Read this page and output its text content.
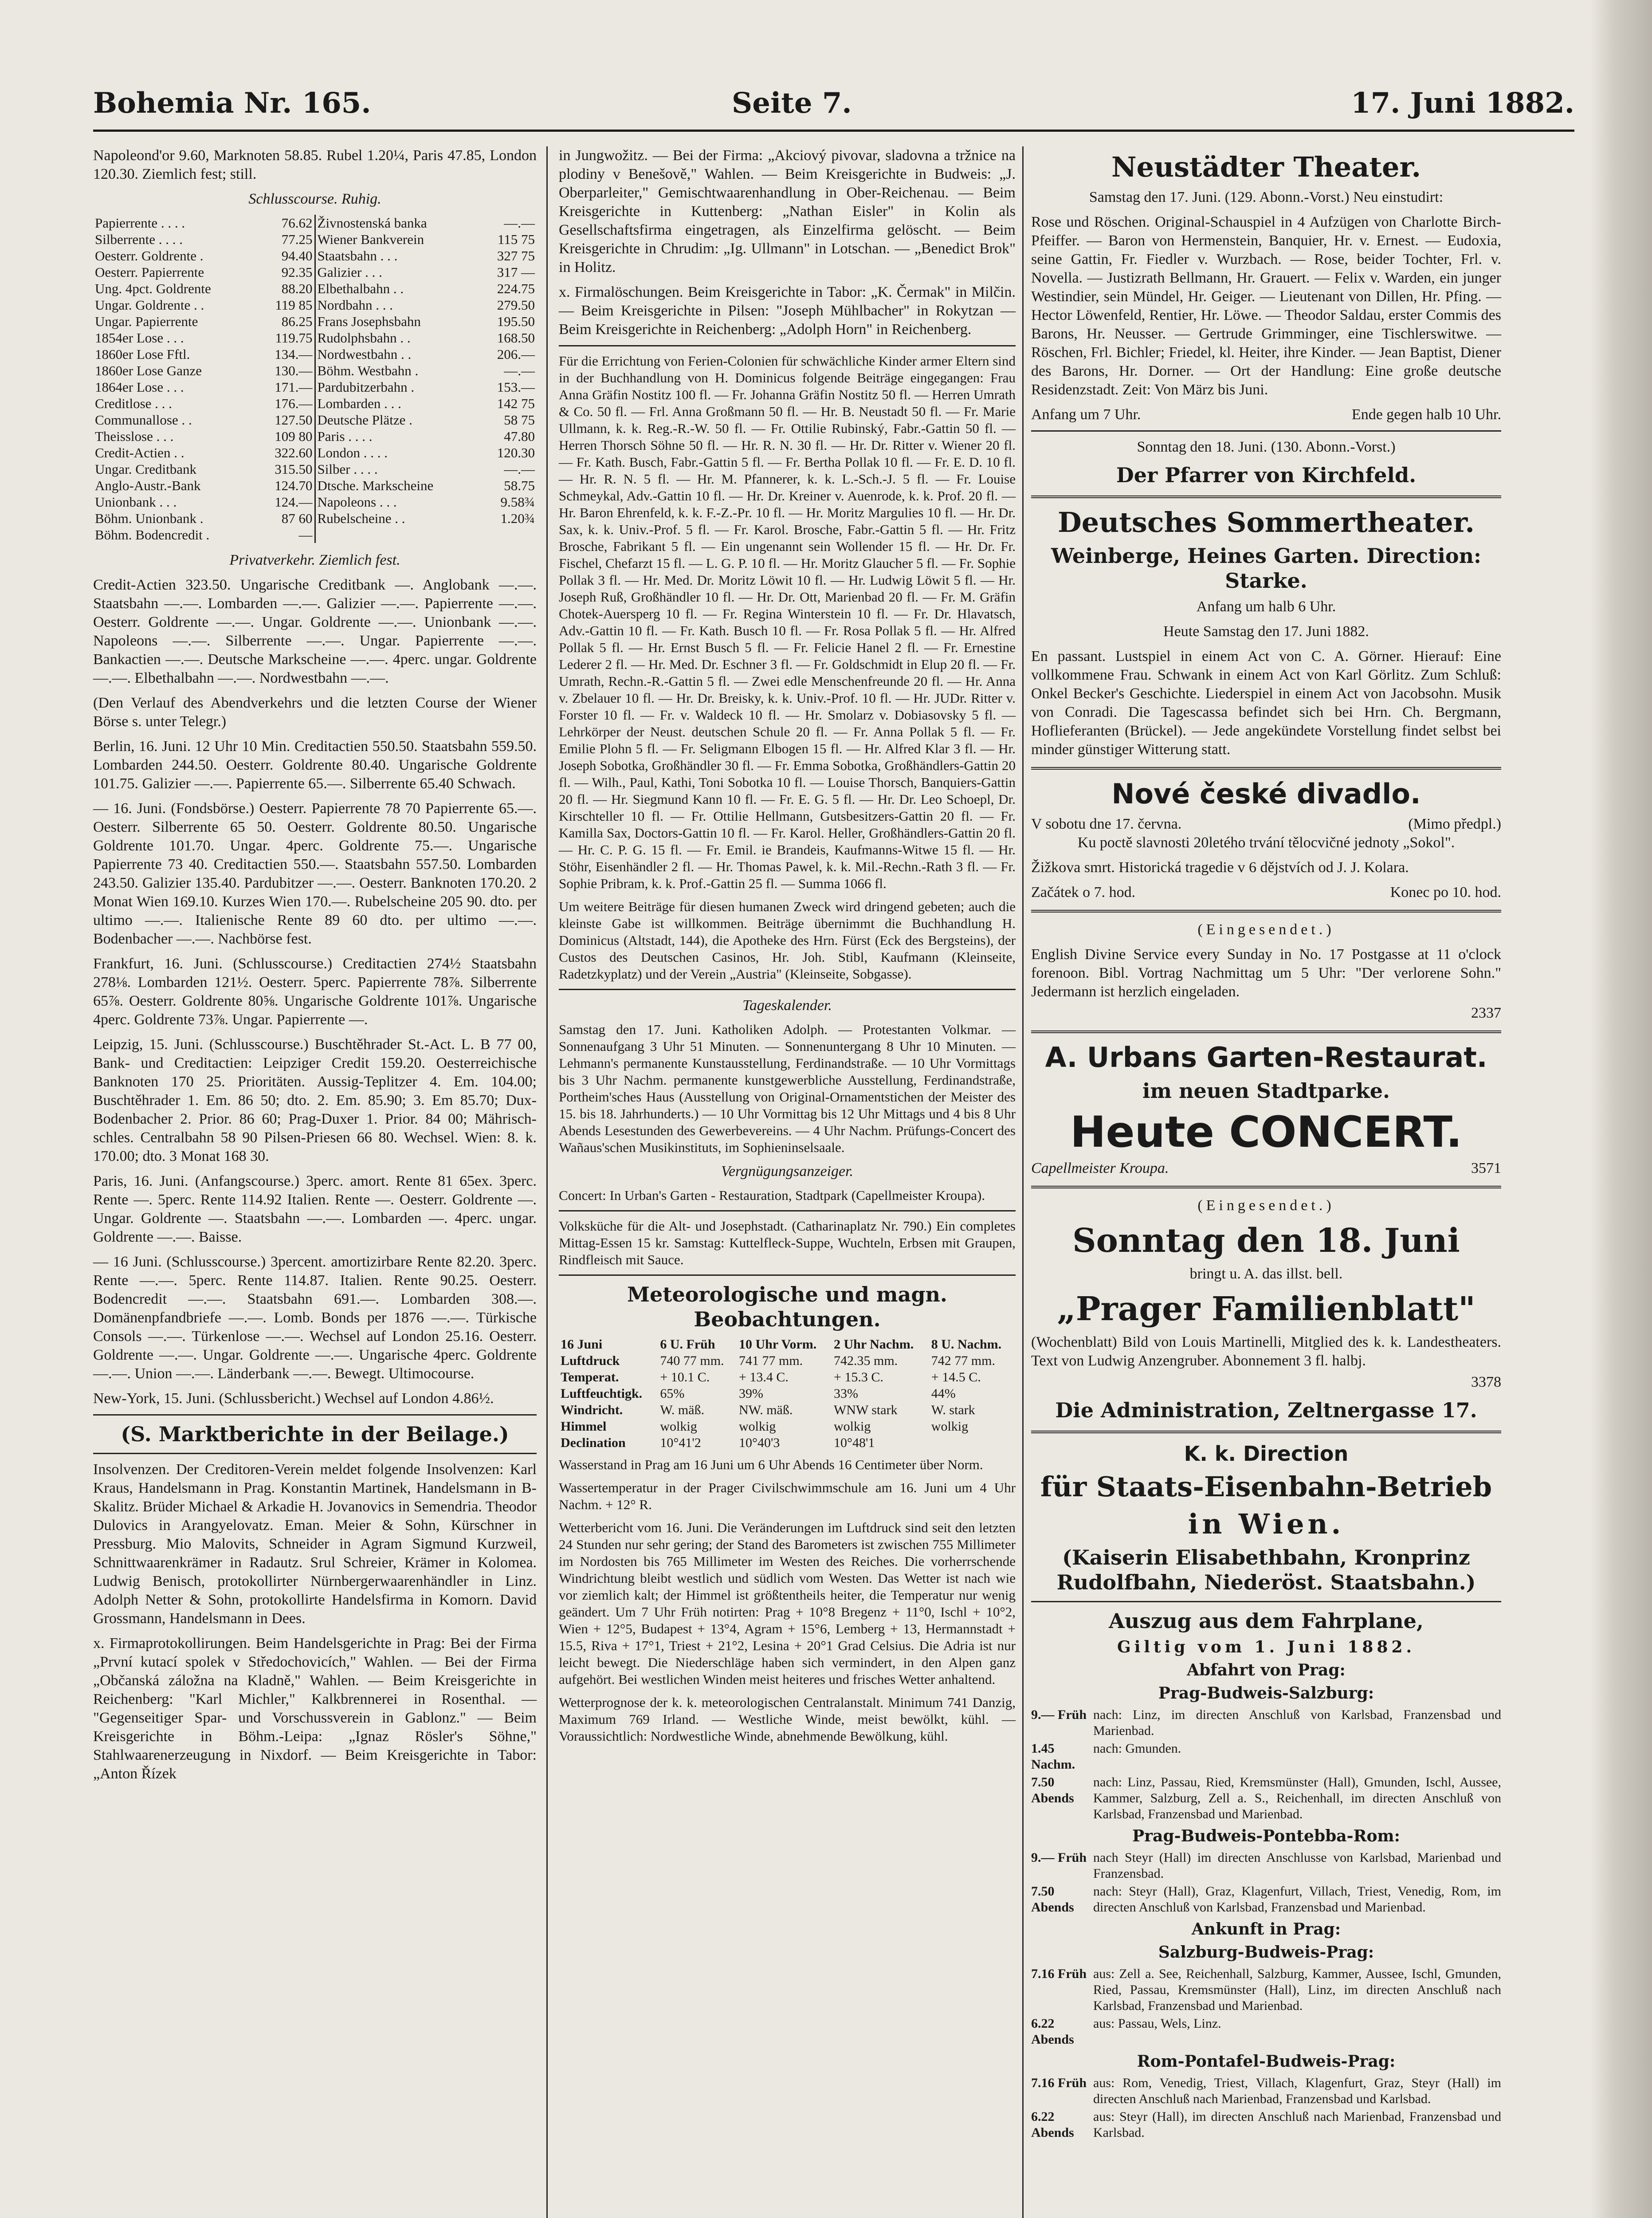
Bohemia Nr. 165.	Seite 7.	17. Juni 1882.

Napoleond'or 9.60, Marknoten 58.85. Rubel 1.20¼, Paris 47.85, London 120.30. Ziemlich fest; still.

Schlusscourse. Ruhig.

Papierrente . . . .	76.62	Živnostenská banka	—.—
Silberrente . . . .	77.25	Wiener Bankverein	115 75
Oesterr. Goldrente .	94.40	Staatsbahn . . .	327 75
Oesterr. Papierrente	92.35	Galizier . . .	317 —
Ung. 4pct. Goldrente	88.20	Elbethalbahn . .	224.75
Ungar. Goldrente . .	119 85	Nordbahn . . .	279.50
Ungar. Papierrente	86.25	Frans Josephsbahn	195.50
1854er Lose . . .	119.75	Rudolphsbahn . .	168.50
1860er Lose Fftl.	134.—	Nordwestbahn . .	206.—
1860er Lose Ganze	130.—	Böhm. Westbahn .	—.—
1864er Lose . . .	171.—	Pardubitzerbahn .	153.—
Creditlose . . .	176.—	Lombarden . . .	142 75
Communallose . .	127.50	Deutsche Plätze .	58 75
Theisslose . . .	109 80	Paris . . . .	47.80
Credit-Actien . .	322.60	London . . . .	120.30
Ungar. Creditbank	315.50	Silber . . . .	—.—
Anglo-Austr.-Bank	124.70	Dtsche. Markscheine	58.75
Unionbank . . .	124.—	Napoleons . . .	9.58¾
Böhm. Unionbank .	87 60	Rubelscheine . .	1.20¾
Böhm. Bodencredit .	—		

Privatverkehr. Ziemlich fest.

Credit-Actien 323.50. Ungarische Creditbank —. Anglobank —.—. Staatsbahn —.—. Lombarden —.—. Galizier —.—. Papierrente —.—. Oesterr. Goldrente —.—. Ungar. Goldrente —.—. Unionbank —.—. Napoleons —.—. Silberrente —.—. Ungar. Papierrente —.—. Bankactien —.—. Deutsche Markscheine —.—. 4perc. ungar. Goldrente —.—. Elbethalbahn —.—. Nordwestbahn —.—.

(Den Verlauf des Abendverkehrs und die letzten Course der Wiener Börse s. unter Telegr.)

Berlin, 16. Juni. 12 Uhr 10 Min. Creditactien 550.50. Staatsbahn 559.50. Lombarden 244.50. Oesterr. Goldrente 80.40. Ungarische Goldrente 101.75. Galizier —.—. Papierrente 65.—. Silberrente 65.40 Schwach.

— 16. Juni. (Fondsbörse.) Oesterr. Papierrente 78 70 Papierrente 65.—. Oesterr. Silberrente 65 50. Oesterr. Goldrente 80.50. Ungarische Goldrente 101.70. Ungar. 4perc. Goldrente 75.—. Ungarische Papierrente 73 40. Creditactien 550.—. Staatsbahn 557.50. Lombarden 243.50. Galizier 135.40. Pardubitzer —.—. Oesterr. Banknoten 170.20. 2 Monat Wien 169.10. Kurzes Wien 170.—. Rubelscheine 205 90. dto. per ultimo —.—. Italienische Rente 89 60 dto. per ultimo —.—. Bodenbacher —.—. Nachbörse fest.

Frankfurt, 16. Juni. (Schlusscourse.) Creditactien 274½ Staatsbahn 278⅛. Lombarden 121½. Oesterr. 5perc. Papierrente 78⅞. Silberrente 65⅞. Oesterr. Goldrente 80⅝. Ungarische Goldrente 101⅞. Ungarische 4perc. Goldrente 73⅞. Ungar. Papierrente —.

Leipzig, 15. Juni. (Schlusscourse.) Buschtěhrader St.-Act. L. B 77 00, Bank- und Creditactien: Leipziger Credit 159.20. Oesterreichische Banknoten 170 25. Prioritäten. Aussig-Teplitzer 4. Em. 104.00; Buschtěhrader 1. Em. 86 50; dto. 2. Em. 85.90; 3. Em 85.70; Dux-Bodenbacher 2. Prior. 86 60; Prag-Duxer 1. Prior. 84 00; Mährisch-schles. Centralbahn 58 90 Pilsen-Priesen 66 80. Wechsel. Wien: 8. k. 170.00; dto. 3 Monat 168 30.

Paris, 16. Juni. (Anfangscourse.) 3perc. amort. Rente 81 65ex. 3perc. Rente —. 5perc. Rente 114.92 Italien. Rente —. Oesterr. Goldrente —. Ungar. Goldrente —. Staatsbahn —.—. Lombarden —. 4perc. ungar. Goldrente —.—. Baisse.

— 16 Juni. (Schlusscourse.) 3percent. amortizirbare Rente 82.20. 3perc. Rente —.—. 5perc. Rente 114.87. Italien. Rente 90.25. Oesterr. Bodencredit —.—. Staatsbahn 691.—. Lombarden 308.—. Domänenpfandbriefe —.—. Lomb. Bonds per 1876 —.—. Türkische Consols —.—. Türkenlose —.—. Wechsel auf London 25.16. Oesterr. Goldrente —.—. Ungar. Goldrente —.—. Ungarische 4perc. Goldrente —.—. Union —.—. Länderbank —.—. Bewegt. Ultimocourse.

New-York, 15. Juni. (Schlussbericht.) Wechsel auf London 4.86½.

(S. Marktberichte in der Beilage.)

Insolvenzen. Der Creditoren-Verein meldet folgende Insolvenzen: Karl Kraus, Handelsmann in Prag. Konstantin Martinek, Handelsmann in B-Skalitz. Brüder Michael & Arkadie H. Jovanovics in Semendria. Theodor Dulovics in Arangyelovatz. Eman. Meier & Sohn, Kürschner in Pressburg. Mio Malovits, Schneider in Agram Sigmund Kurzweil, Schnittwaarenkrämer in Radautz. Srul Schreier, Krämer in Kolomea. Ludwig Benisch, protokollirter Nürnbergerwaarenhändler in Linz. Adolph Netter & Sohn, protokollirte Handelsfirma in Komorn. David Grossmann, Handelsmann in Dees.

x. Firmaprotokollirungen. Beim Handelsgerichte in Prag: Bei der Firma „První kutací spolek v Středochovicích," Wahlen. — Bei der Firma „Občanská záložna na Kladně," Wahlen. — Beim Kreisgerichte in Reichenberg: "Karl Michler," Kalkbrennerei in Rosenthal. — "Gegenseitiger Spar- und Vorschussverein in Gablonz." — Beim Kreisgerichte in Böhm.-Leipa: „Ignaz Rösler's Söhne," Stahlwaarenerzeugung in Nixdorf. — Beim Kreisgerichte in Tabor: „Anton Řízek

in Jungwožitz. — Bei der Firma: „Akciový pivovar, sladovna a tržnice na plodiny v Benešově," Wahlen. — Beim Kreisgerichte in Budweis: „J. Oberparleiter," Gemischtwaarenhandlung in Ober-Reichenau. — Beim Kreisgerichte in Kuttenberg: „Nathan Eisler" in Kolin als Gesellschaftsfirma eingetragen, als Einzelfirma gelöscht. — Beim Kreisgerichte in Chrudim: „Ig. Ullmann" in Lotschan. — „Benedict Brok" in Holitz.

x. Firmalöschungen. Beim Kreisgerichte in Tabor: „K. Čermak" in Milčin. — Beim Kreisgerichte in Pilsen: "Joseph Mühlbacher" in Rokytzan — Beim Kreisgerichte in Reichenberg: „Adolph Horn" in Reichenberg.

Für die Errichtung von Ferien-Colonien für schwächliche Kinder armer Eltern sind in der Buchhandlung von H. Dominicus folgende Beiträge eingegangen: Frau Anna Gräfin Nostitz 100 fl. — Fr. Johanna Gräfin Nostitz 50 fl. — Herren Umrath & Co. 50 fl. — Frl. Anna Großmann 50 fl. — Hr. B. Neustadt 50 fl. — Fr. Marie Ullmann, k. k. Reg.-R.-W. 50 fl. — Fr. Ottilie Rubinský, Fabr.-Gattin 50 fl. — Herren Thorsch Söhne 50 fl. — Hr. R. N. 30 fl. — Hr. Dr. Ritter v. Wiener 20 fl. — Fr. Kath. Busch, Fabr.-Gattin 5 fl. — Fr. Bertha Pollak 10 fl. — Fr. E. D. 10 fl. — Hr. R. N. 5 fl. — Hr. M. Pfannerer, k. k. L.-Sch.-J. 5 fl. — Fr. Louise Schmeykal, Adv.-Gattin 10 fl. — Hr. Dr. Kreiner v. Auenrode, k. k. Prof. 20 fl. — Hr. Baron Ehrenfeld, k. k. F.-Z.-Pr. 10 fl. — Hr. Moritz Margulies 10 fl. — Hr. Dr. Sax, k. k. Univ.-Prof. 5 fl. — Fr. Karol. Brosche, Fabr.-Gattin 5 fl. — Hr. Fritz Brosche, Fabrikant 5 fl. — Ein ungenannt sein Wollender 15 fl. — Hr. Dr. Fr. Fischel, Chefarzt 15 fl. — L. G. P. 10 fl. — Hr. Moritz Glaucher 5 fl. — Fr. Sophie Pollak 3 fl. — Hr. Med. Dr. Moritz Löwit 10 fl. — Hr. Ludwig Löwit 5 fl. — Hr. Joseph Ruß, Großhändler 10 fl. — Hr. Dr. Ott, Marienbad 20 fl. — Fr. M. Gräfin Chotek-Auersperg 10 fl. — Fr. Regina Winterstein 10 fl. — Fr. Dr. Hlavatsch, Adv.-Gattin 10 fl. — Fr. Kath. Busch 10 fl. — Fr. Rosa Pollak 5 fl. — Hr. Alfred Pollak 5 fl. — Hr. Ernst Busch 5 fl. — Fr. Felicie Hanel 2 fl. — Fr. Ernestine Lederer 2 fl. — Hr. Med. Dr. Eschner 3 fl. — Fr. Goldschmidt in Elup 20 fl. — Fr. Umrath, Rechn.-R.-Gattin 5 fl. — Zwei edle Menschenfreunde 20 fl. — Hr. Anna v. Zbelauer 10 fl. — Hr. Dr. Breisky, k. k. Univ.-Prof. 10 fl. — Hr. JUDr. Ritter v. Forster 10 fl. — Fr. v. Waldeck 10 fl. — Hr. Smolarz v. Dobiasovsky 5 fl. — Lehrkörper der Neust. deutschen Schule 20 fl. — Fr. Anna Pollak 5 fl. — Fr. Emilie Plohn 5 fl. — Fr. Seligmann Elbogen 15 fl. — Hr. Alfred Klar 3 fl. — Hr. Joseph Sobotka, Großhändler 30 fl. — Fr. Emma Sobotka, Großhändlers-Gattin 20 fl. — Wilh., Paul, Kathi, Toni Sobotka 10 fl. — Louise Thorsch, Banquiers-Gattin 20 fl. — Hr. Siegmund Kann 10 fl. — Fr. E. G. 5 fl. — Hr. Dr. Leo Schoepl, Dr. Kirschteller 10 fl. — Fr. Ottilie Hellmann, Gutsbesitzers-Gattin 20 fl. — Fr. Kamilla Sax, Doctors-Gattin 10 fl. — Fr. Karol. Heller, Großhändlers-Gattin 20 fl. — Hr. C. P. G. 15 fl. — Fr. Emil. ie Brandeis, Kaufmanns-Witwe 15 fl. — Hr. Stöhr, Eisenhändler 2 fl. — Hr. Thomas Pawel, k. k. Mil.-Rechn.-Rath 3 fl. — Fr. Sophie Pribram, k. k. Prof.-Gattin 25 fl. — Summa 1066 fl.

Um weitere Beiträge für diesen humanen Zweck wird dringend gebeten; auch die kleinste Gabe ist willkommen. Beiträge übernimmt die Buchhandlung H. Dominicus (Altstadt, 144), die Apotheke des Hrn. Fürst (Eck des Bergsteins), der Custos des Deutschen Casinos, Hr. Joh. Stibl, Kaufmann (Kleinseite, Radetzkyplatz) und der Verein „Austria" (Kleinseite, Sobgasse).

Tageskalender.

Samstag den 17. Juni. Katholiken Adolph. — Protestanten Volkmar. — Sonnenaufgang 3 Uhr 51 Minuten. — Sonnenuntergang 8 Uhr 10 Minuten. — Lehmann's permanente Kunstausstellung, Ferdinandstraße. — 10 Uhr Vormittags bis 3 Uhr Nachm. permanente kunstgewerbliche Ausstellung, Ferdinandstraße, Portheim'sches Haus (Ausstellung von Original-Ornamentstichen der Meister des 15. bis 18. Jahrhunderts.) — 10 Uhr Vormittag bis 12 Uhr Mittags und 4 bis 8 Uhr Abends Lesestunden des Gewerbevereins. — 4 Uhr Nachm. Prüfungs-Concert des Wañaus'schen Musikinstituts, im Sophieninselsaale.

Vergnügungsanzeiger.

Concert: In Urban's Garten - Restauration, Stadtpark (Capellmeister Kroupa).

Volksküche für die Alt- und Josephstadt. (Catharinaplatz Nr. 790.) Ein completes Mittag-Essen 15 kr. Samstag: Kuttelfleck-Suppe, Wuchteln, Erbsen mit Graupen, Rindfleisch mit Sauce.

Meteorologische und magn. Beobachtungen.

16 Juni	6 U. Früh	10 Uhr Vorm.	2 Uhr Nachm.	8 U. Nachm.
Luftdruck	740 77 mm.	741 77 mm.	742.35 mm.	742 77 mm.
Temperat.	+ 10.1 C.	+ 13.4 C.	+ 15.3 C.	+ 14.5 C.
Luftfeuchtigk.	65%	39%	33%	44%
Windricht.	W. mäß.	NW. mäß.	WNW stark	W. stark
Himmel	wolkig	wolkig	wolkig	wolkig
Declination	10°41'2	10°40'3	10°48'1	

Wasserstand in Prag am 16 Juni um 6 Uhr Abends 16 Centimeter über Norm.

Wassertemperatur in der Prager Civilschwimmschule am 16. Juni um 4 Uhr Nachm. + 12° R.

Wetterbericht vom 16. Juni. Die Veränderungen im Luftdruck sind seit den letzten 24 Stunden nur sehr gering; der Stand des Barometers ist zwischen 755 Millimeter im Nordosten bis 765 Millimeter im Westen des Reiches. Die vorherrschende Windrichtung bleibt westlich und südlich vom Westen. Das Wetter ist nach wie vor ziemlich kalt; der Himmel ist größtentheils heiter, die Temperatur nur wenig geändert. Um 7 Uhr Früh notirten: Prag + 10°8 Bregenz + 11°0, Ischl + 10°2, Wien + 12°5, Budapest + 13°4, Agram + 15°6, Lemberg + 13, Hermannstadt + 15.5, Riva + 17°1, Triest + 21°2, Lesina + 20°1 Grad Celsius. Die Adria ist nur leicht bewegt. Die Niederschläge haben sich vermindert, in den Alpen ganz aufgehört. Bei westlichen Winden meist heiteres und frisches Wetter anhaltend.

Wetterprognose der k. k. meteorologischen Centralanstalt. Minimum 741 Danzig, Maximum 769 Irland. — Westliche Winde, meist bewölkt, kühl. — Voraussichtlich: Nordwestliche Winde, abnehmende Bewölkung, kühl.

Neustädter Theater.

Samstag den 17. Juni. (129. Abonn.-Vorst.) Neu einstudirt:

Rose und Röschen. Original-Schauspiel in 4 Aufzügen von Charlotte Birch-Pfeiffer. — Baron von Hermenstein, Banquier, Hr. v. Ernest. — Eudoxia, seine Gattin, Fr. Fiedler v. Wurzbach. — Rose, beider Tochter, Frl. v. Novella. — Justizrath Bellmann, Hr. Grauert. — Felix v. Warden, ein junger Westindier, sein Mündel, Hr. Geiger. — Lieutenant von Dillen, Hr. Pfing. — Hector Löwenfeld, Rentier, Hr. Löwe. — Theodor Saldau, erster Commis des Barons, Hr. Neusser. — Gertrude Grimminger, eine Tischlerswitwe. — Röschen, Frl. Bichler; Friedel, kl. Heiter, ihre Kinder. — Jean Baptist, Diener des Barons, Hr. Dorner. — Ort der Handlung: Eine große deutsche Residenzstadt. Zeit: Von März bis Juni.

Anfang um 7 Uhr.	Ende gegen halb 10 Uhr.

Sonntag den 18. Juni. (130. Abonn.-Vorst.)

Der Pfarrer von Kirchfeld.

Deutsches Sommertheater.

Weinberge, Heines Garten. Direction: Starke.

Anfang um halb 6 Uhr.

Heute Samstag den 17. Juni 1882.

En passant. Lustspiel in einem Act von C. A. Görner. Hierauf: Eine vollkommene Frau. Schwank in einem Act von Karl Görlitz. Zum Schluß: Onkel Becker's Geschichte. Liederspiel in einem Act von Jacobsohn. Musik von Conradi. Die Tagescassa befindet sich bei Hrn. Ch. Bergmann, Hoflieferanten (Brückel). — Jede angekündete Vorstellung findet selbst bei minder günstiger Witterung statt.

Nové české divadlo.

V sobotu dne 17. června.	(Mimo předpl.)

Ku poctě slavnosti 20letého trvání tělocvičné jednoty „Sokol".

Žižkova smrt. Historická tragedie v 6 dějstvích od J. J. Kolara.

Začátek o 7. hod.	Konec po 10. hod.

(Eingesendet.)

English Divine Service every Sunday in No. 17 Postgasse at 11 o'clock forenoon. Bibl. Vortrag Nachmittag um 5 Uhr: "Der verlorene Sohn." Jedermann ist herzlich eingeladen.

2337

A. Urbans Garten-Restaurat.

im neuen Stadtparke.

Heute CONCERT.

Capellmeister Kroupa.	3571

(Eingesendet.)

Sonntag den 18. Juni

bringt u. A. das illst. bell.

„Prager Familienblatt"

(Wochenblatt) Bild von Louis Martinelli, Mitglied des k. k. Landestheaters. Text von Ludwig Anzengruber. Abonnement 3 fl. halbj.

3378

Die Administration, Zeltnergasse 17.

K. k. Direction

für Staats-Eisenbahn-Betrieb

in Wien.

(Kaiserin Elisabethbahn, Kronprinz Rudolfbahn, Niederöst. Staatsbahn.)

Auszug aus dem Fahrplane,

Giltig vom 1. Juni 1882.

Abfahrt von Prag:

Prag-Budweis-Salzburg:

9.— Früh nach: Linz, im directen Anschluß von Karlsbad, Franzensbad und Marienbad.
1.45 Nachm.
nach: Gmunden.
7.50 Abends
nach: Linz, Passau, Ried, Kremsmünster (Hall), Gmunden, Ischl, Aussee, Kammer, Salzburg, Zell a. S., Reichenhall, im directen Anschluß von Karlsbad, Franzensbad und Marienbad.

Prag-Budweis-Pontebba-Rom:

9.— Früh nach Steyr (Hall) im directen Anschlusse von Karlsbad, Marienbad und Franzensbad.
7.50 Abends
nach: Steyr (Hall), Graz, Klagenfurt, Villach, Triest, Venedig, Rom, im directen Anschluß von Karlsbad, Franzensbad und Marienbad.

Ankunft in Prag:

Salzburg-Budweis-Prag:

7.16 Früh aus: Zell a. See, Reichenhall, Salzburg, Kammer, Aussee, Ischl, Gmunden, Ried, Passau, Kremsmünster (Hall), Linz, im directen Anschluß nach Karlsbad, Franzensbad und Marienbad.
6.22 Abends
aus: Passau, Wels, Linz.

Rom-Pontafel-Budweis-Prag:

7.16 Früh aus: Rom, Venedig, Triest, Villach, Klagenfurt, Graz, Steyr (Hall) im directen Anschluß nach Marienbad, Franzensbad und Karlsbad.
6.22 Abends
aus: Steyr (Hall), im directen Anschluß nach Marienbad, Franzensbad und Karlsbad.
